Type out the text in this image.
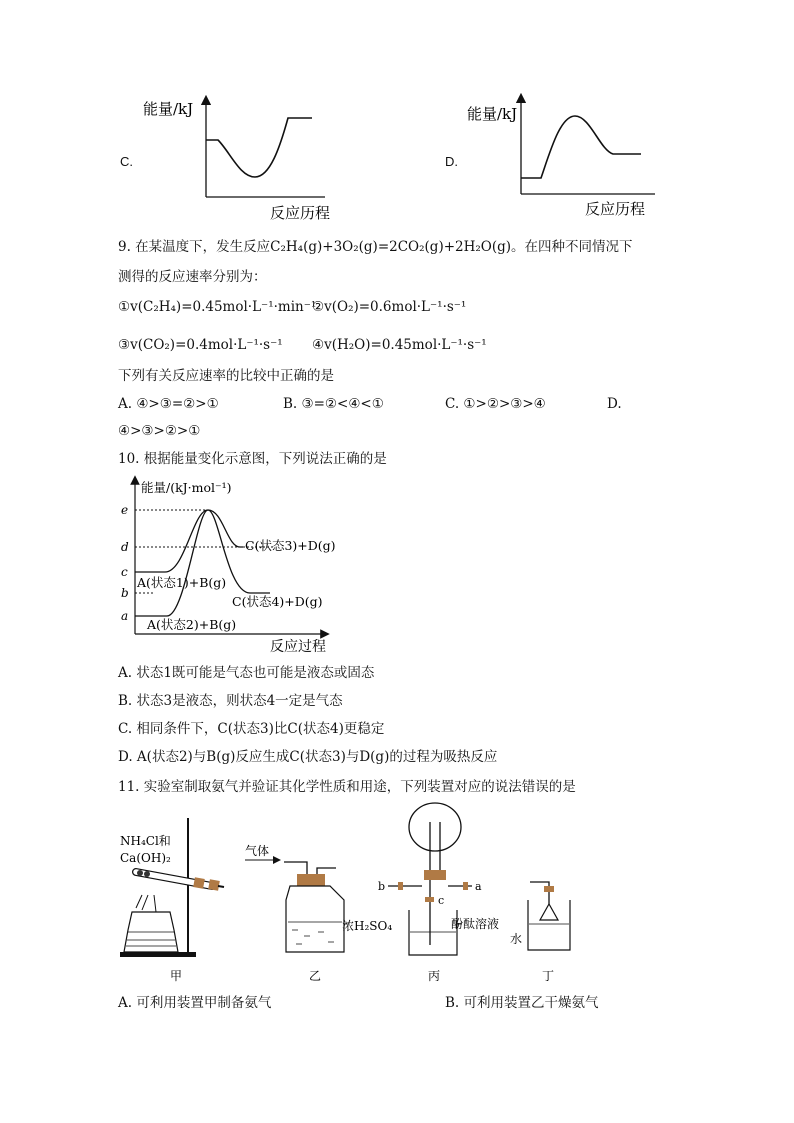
C.
能量/kJ
反应历程
D.
能量/kJ
反应历程
9. 在某温度下，发生反应C₂H₄(g)+3O₂(g)=2CO₂(g)+2H₂O(g)。在四种不同情况下
测得的反应速率分别为：
①v(C₂H₄)=0.45mol·L⁻¹·min⁻¹
②v(O₂)=0.6mol·L⁻¹·s⁻¹
③v(CO₂)=0.4mol·L⁻¹·s⁻¹ ④v(H₂O)=0.45mol·L⁻¹·s⁻¹
下列有关反应速率的比较中正确的是
A. ④>③=②>①	B. ③=②<④<①	C. ①>②>③>④	D.
④>③>②>①
10. 根据能量变化示意图，下列说法正确的是
能量/(kJ·mol⁻¹)
反应过程
e
d
c
b
a
C(状态3)+D(g)
A(状态1)+B(g)
C(状态4)+D(g)
A(状态2)+B(g)
A. 状态1既可能是气态也可能是液态或固态
B. 状态3是液态，则状态4一定是气态
C. 相同条件下，C(状态3)比C(状态4)更稳定
D. A(状态2)与B(g)反应生成C(状态3)与D(g)的过程为吸热反应
11. 实验室制取氨气并验证其化学性质和用途，下列装置对应的说法错误的是
NH₄Cl和
Ca(OH)₂
甲
气体
浓H₂SO₄
乙
b	a
c
酚酞溶液
丙
水
丁
A. 可利用装置甲制备氨气	B. 可利用装置乙干燥氨气
